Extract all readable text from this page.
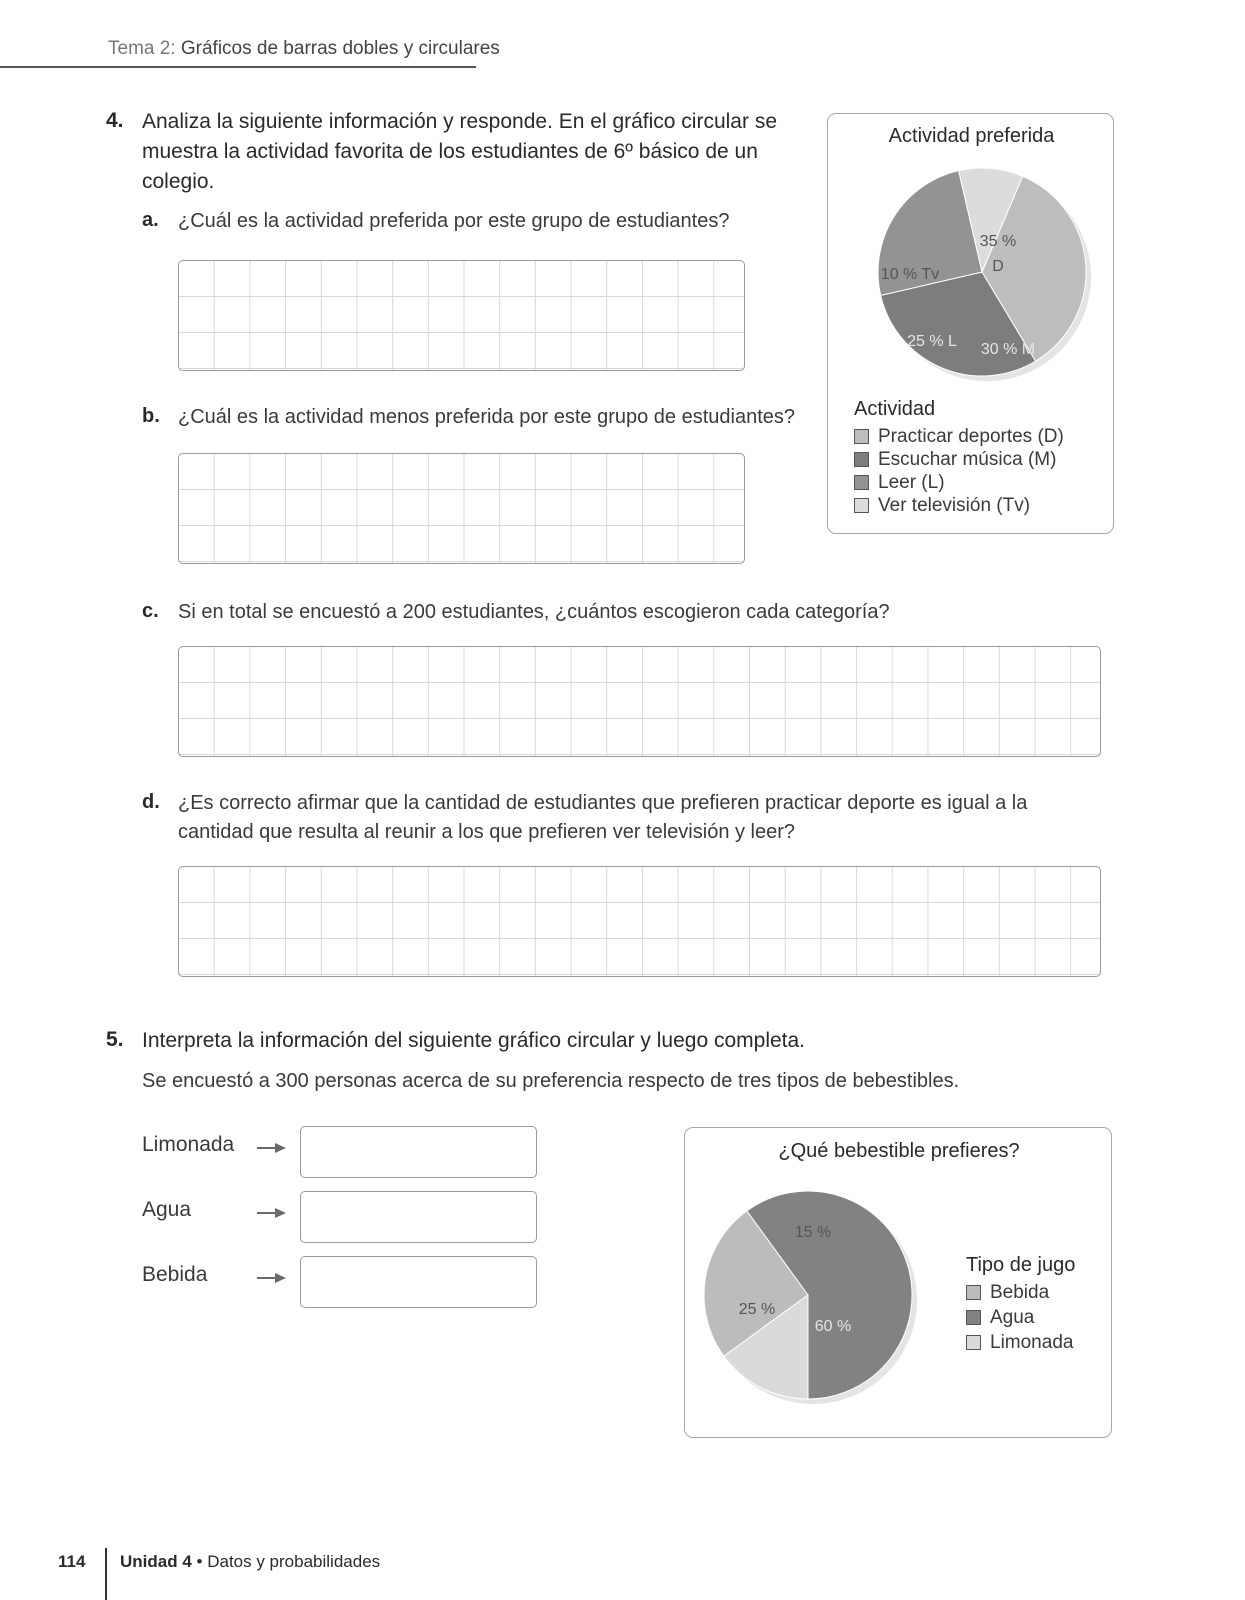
Tema 2: Gráficos de barras dobles y circulares
4. Analiza la siguiente información y responde. En el gráfico circular se muestra la actividad favorita de los estudiantes de 6º básico de un colegio.
a. ¿Cuál es la actividad preferida por este grupo de estudiantes?
b. ¿Cuál es la actividad menos preferida por este grupo de estudiantes?
c. Si en total se encuestó a 200 estudiantes, ¿cuántos escogieron cada categoría?
d. ¿Es correcto afirmar que la cantidad de estudiantes que prefieren practicar deporte es igual a la cantidad que resulta al reunir a los que prefieren ver televisión y leer?
Actividad preferida
35 %
D
30 % M
25 % L
10 % Tv
Actividad
Practicar deportes (D)
Escuchar música (M)
Leer (L)
Ver televisión (Tv)
5. Interpreta la información del siguiente gráfico circular y luego completa.
Se encuestó a 300 personas acerca de su preferencia respecto de tres tipos de bebestibles.
Limonada
Agua
Bebida
¿Qué bebestible prefieres?
25 %
60 %
15 %
Tipo de jugo
Bebida
Agua
Limonada
114 Unidad 4 • Datos y probabilidades
